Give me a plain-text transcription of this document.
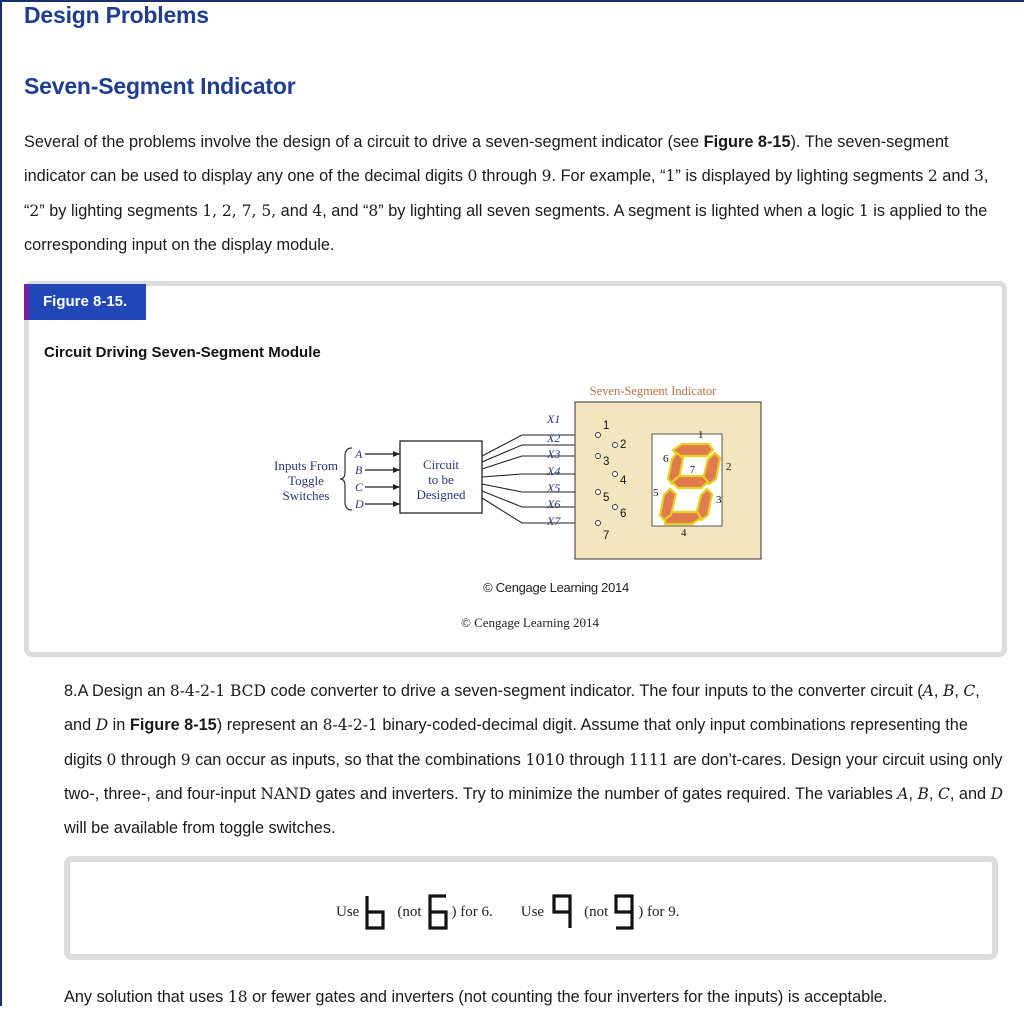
Design Problems
Seven-Segment Indicator

Several of the problems involve the design of a circuit to drive a seven-segment indicator (see Figure 8-15). The seven-segment indicator can be used to display any one of the decimal digits 0 through 9. For example, “1” is displayed by lighting segments 2 and 3, “2” by lighting segments 1, 2, 7, 5, and 4, and “8” by lighting all seven segments. A segment is lighted when a logic 1 is applied to the corresponding input on the display module.

Figure 8-15.

Circuit Driving Seven-Segment Module

Inputs From
Toggle
Switches
A
B
C
D
Circuit
to be
Designed
X1
X2
X3
X4
X5
X6
X7
Seven-Segment Indicator
1
2
3
4
5
6
7
1
2
3
4
5
6
7
© Cengage Learning 2014
© Cengage Learning 2014

8.A Design an 8-4-2-1 BCD code converter to drive a seven-segment indicator. The four inputs to the converter circuit (A, B, C, and D in Figure 8-15) represent an 8-4-2-1 binary-coded-decimal digit. Assume that only input combinations representing the digits 0 through 9 can occur as inputs, so that the combinations 1010 through 1111 are don’t-cares. Design your circuit using only two-, three-, and four-input NAND gates and inverters. Try to minimize the number of gates required. The variables A, B, C, and D will be available from toggle switches.

Use	(not ) for 6. Use	(not ) for 9.

Any solution that uses 18 or fewer gates and inverters (not counting the four inverters for the inputs) is acceptable.
